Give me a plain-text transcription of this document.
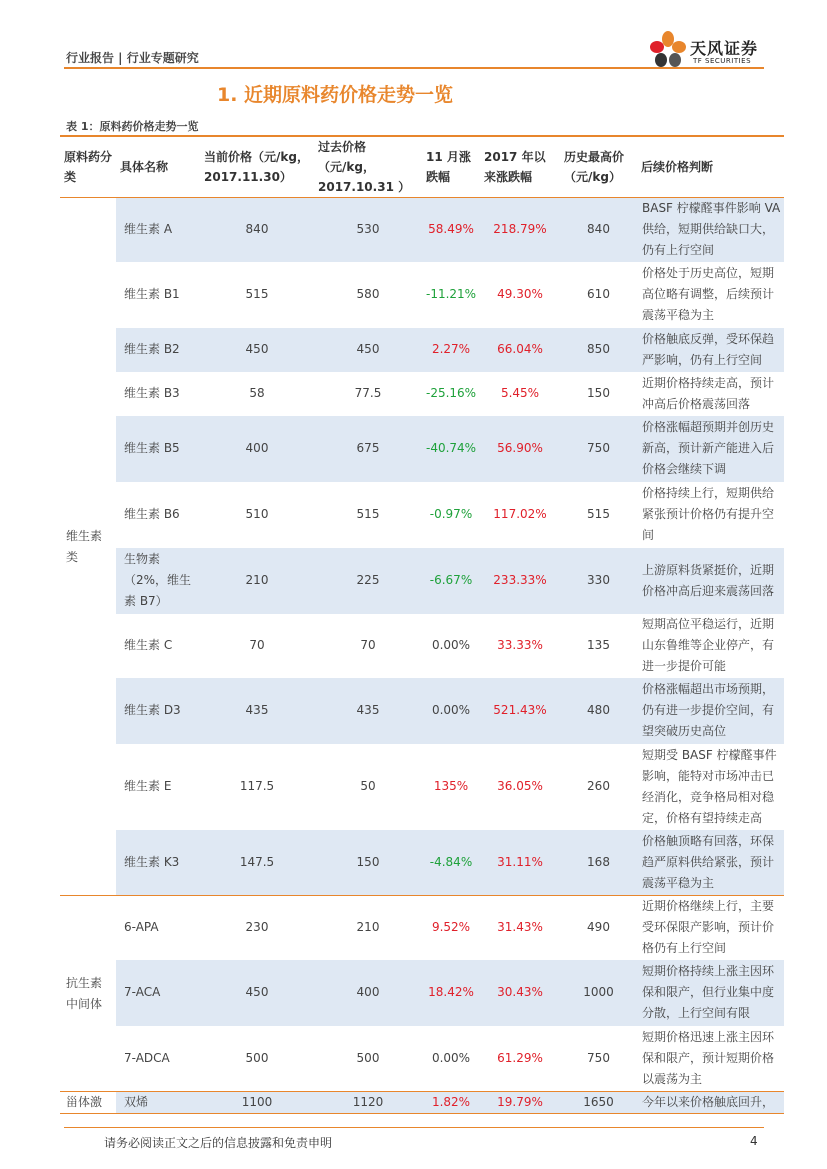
行业报告 | 行业专题研究	天风证券
TF SECURITIES
1. 近期原料药价格走势一览
表 1：原料药价格走势一览
原料药分类	具体名称	当前价格（元/kg，2017.11.30）	过去价格（元/kg，2017.10.31 ）	11 月涨跌幅	2017 年以来涨跌幅	历史最高价（元/kg）	后续价格判断
维生素类	维生素 A	840	530	58.49%	218.79%	840	BASF 柠檬醛事件影响 VA 供给，短期供给缺口大，仍有上行空间
	维生素 B1	515	580	-11.21%	49.30%	610	价格处于历史高位，短期高位略有调整，后续预计震荡平稳为主
	维生素 B2	450	450	2.27%	66.04%	850	价格触底反弹，受环保趋严影响，仍有上行空间
	维生素 B3	58	77.5	-25.16%	5.45%	150	近期价格持续走高，预计冲高后价格震荡回落
	维生素 B5	400	675	-40.74%	56.90%	750	价格涨幅超预期并创历史新高，预计新产能进入后价格会继续下调
	维生素 B6	510	515	-0.97%	117.02%	515	价格持续上行，短期供给紧张预计价格仍有提升空间
	生物素（2%，维生素 B7）	210	225	-6.67%	233.33%	330	上游原料货紧挺价，近期价格冲高后迎来震荡回落
	维生素 C	70	70	0.00%	33.33%	135	短期高位平稳运行，近期山东鲁维等企业停产，有进一步提价可能
	维生素 D3	435	435	0.00%	521.43%	480	价格涨幅超出市场预期，仍有进一步提价空间，有望突破历史高位
	维生素 E	117.5	50	135%	36.05%	260	短期受 BASF 柠檬醛事件影响，能特对市场冲击已经消化，竞争格局相对稳定，价格有望持续走高
	维生素 K3	147.5	150	-4.84%	31.11%	168	价格触顶略有回落，环保趋严原料供给紧张，预计震荡平稳为主
抗生素中间体	6-APA	230	210	9.52%	31.43%	490	近期价格继续上行，主要受环保限产影响，预计价格仍有上行空间
	7-ACA	450	400	18.42%	30.43%	1000	短期价格持续上涨主因环保和限产，但行业集中度分散，上行空间有限
	7-ADCA	500	500	0.00%	61.29%	750	短期价格迅速上涨主因环保和限产，预计短期价格以震荡为主
甾体激	双烯	1100	1120	1.82%	19.79%	1650	今年以来价格触底回升，
请务必阅读正文之后的信息披露和免责申明	4
